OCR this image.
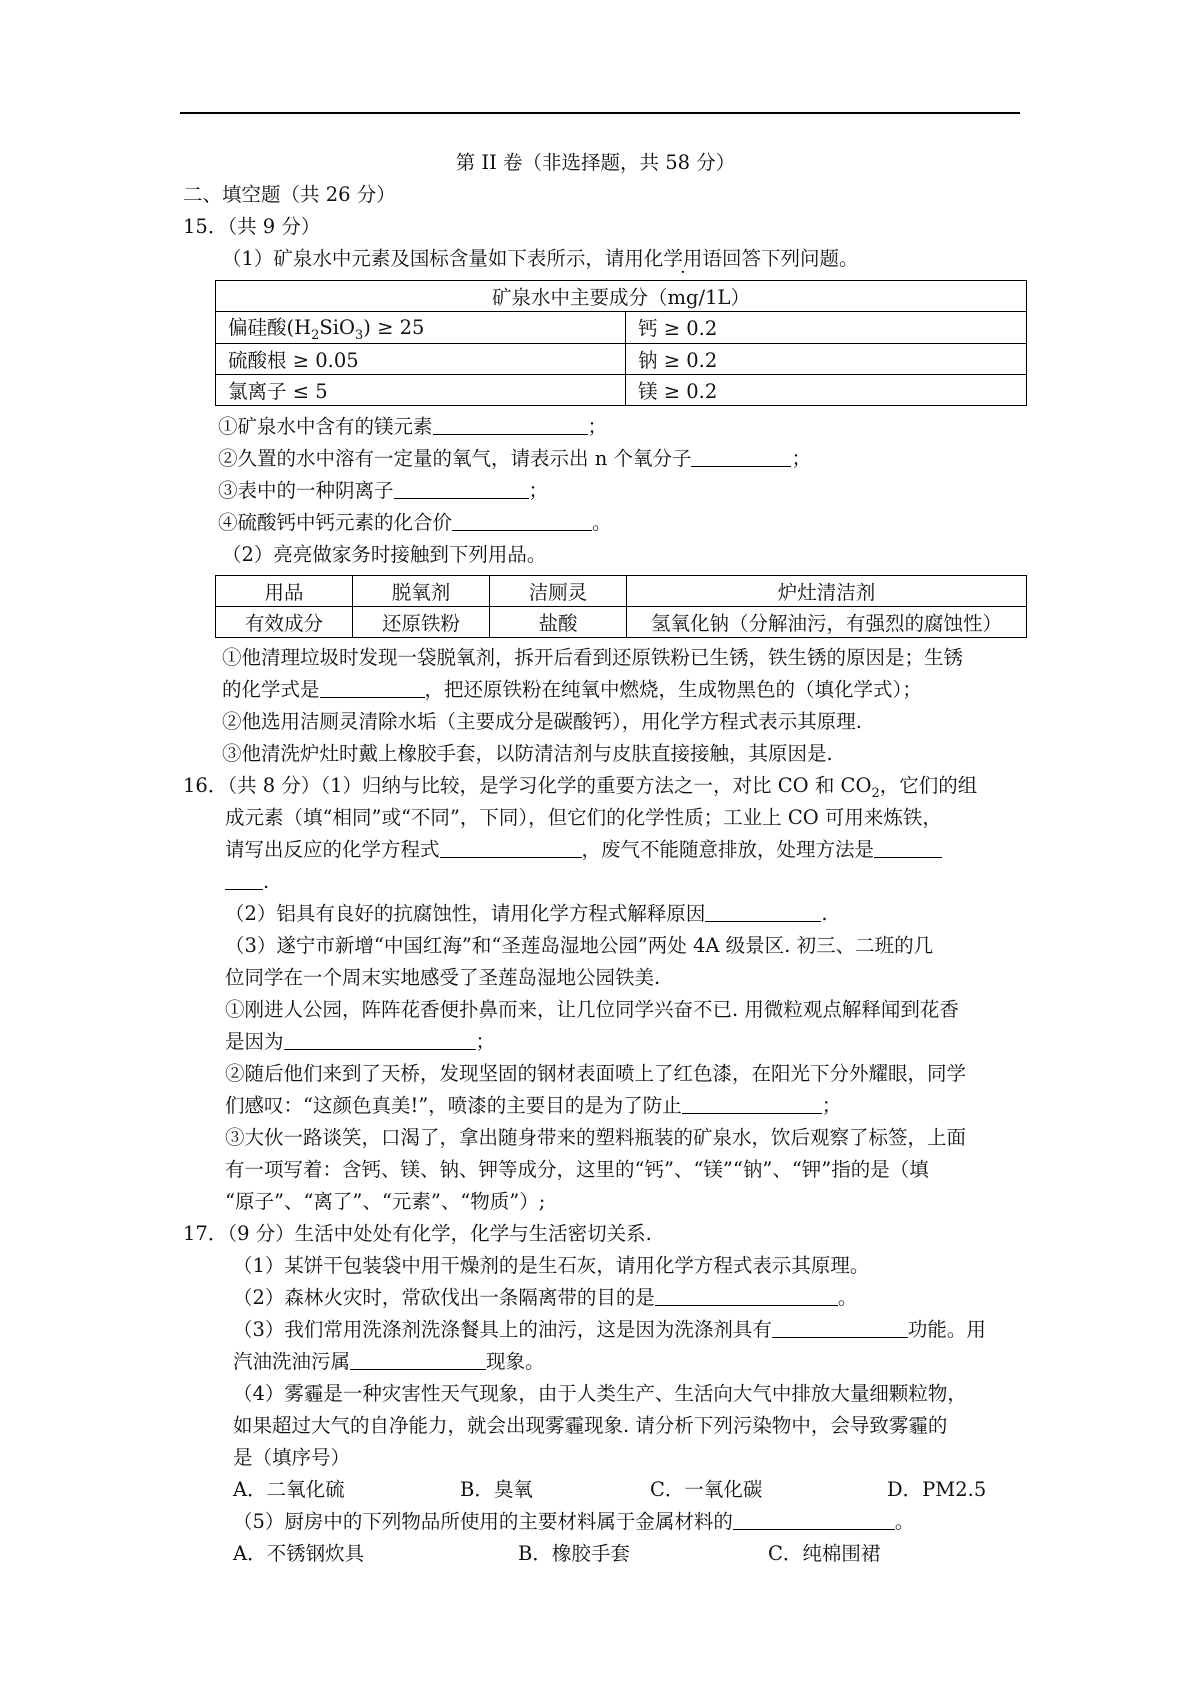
第 II 卷（非选择题，共 58 分）
二、填空题（共 26 分）
15．（共 9 分）
（1）矿泉水中元素及国标含量如下表所示，请用化学用语回答下列问题。
矿泉水中主要成分（mg/1L）	
偏硅酸$(H_2SiO_3) \ge 25$	钙 ≥ 0.2
硫酸根 ≥ 0.05	钠 ≥ 0.2
氯离子 ≤ 5	镁 ≥ 0.2
①矿泉水中含有的镁元素	；
②久置的水中溶有一定量的氧气，请表示出 n 个氧分子	；
③表中的一种阴离子	；
④硫酸钙中钙元素的化合价	。
（2）亮亮做家务时接触到下列用品。
用品	脱氧剂	洁厕灵	炉灶清洁剂
有效成分	还原铁粉	盐酸	氢氧化钠（分解油污，有强烈的腐蚀性）
①他清理垃圾时发现一袋脱氧剂，拆开后看到还原铁粉已生锈，铁生锈的原因是；生锈
的化学式是	，把还原铁粉在纯氧中燃烧，生成物黑色的（填化学式）；
②他选用洁厕灵清除水垢（主要成分是碳酸钙），用化学方程式表示其原理.
③他清洗炉灶时戴上橡胶手套，以防清洁剂与皮肤直接接触，其原因是.
16．（共 8 分）（1）归纳与比较，是学习化学的重要方法之一，对比 CO 和 $CO_2$，它们的组
成元素（填“相同”或“不同”，下同），但它们的化学性质；工业上 CO 可用来炼铁，
请写出反应的化学方程式	，废气不能随意排放，处理方法是
.
（2）铝具有良好的抗腐蚀性，请用化学方程式解释原因	.
（3）遂宁市新增“中国红海”和“圣莲岛湿地公园”两处 4A 级景区. 初三、二班的几
位同学在一个周末实地感受了圣莲岛湿地公园铁美.
①刚进人公园，阵阵花香便扑鼻而来，让几位同学兴奋不已. 用微粒观点解释闻到花香
是因为	；
②随后他们来到了天桥，发现坚固的钢材表面喷上了红色漆，在阳光下分外耀眼，同学
们感叹：“这颜色真美!”，喷漆的主要目的是为了防止	；
③大伙一路谈笑，口渴了，拿出随身带来的塑料瓶装的矿泉水，饮后观察了标签，上面
有一项写着：含钙、镁、钠、钾等成分，这里的“钙”、“镁”“钠”、“钾”指的是（填
“原子”、“离了”、“元素”、“物质”）;
17．（9 分）生活中处处有化学，化学与生活密切关系.
（1）某饼干包装袋中用干燥剂的是生石灰，请用化学方程式表示其原理。
（2）森林火灾时，常砍伐出一条隔离带的目的是	。
（3）我们常用洗涤剂洗涤餐具上的油污，这是因为洗涤剂具有	功能。用
汽油洗油污属	现象。
（4）雾霾是一种灾害性天气现象，由于人类生产、生活向大气中排放大量细颗粒物，
如果超过大气的自净能力，就会出现雾霾现象. 请分析下列污染物中，会导致雾霾的
是（填序号）
A．二氧化硫	B．臭氧	C．一氧化碳	D．PM2.5
（5）厨房中的下列物品所使用的主要材料属于金属材料的	。
A．不锈钢炊具	B．橡胶手套	C．纯棉围裙
